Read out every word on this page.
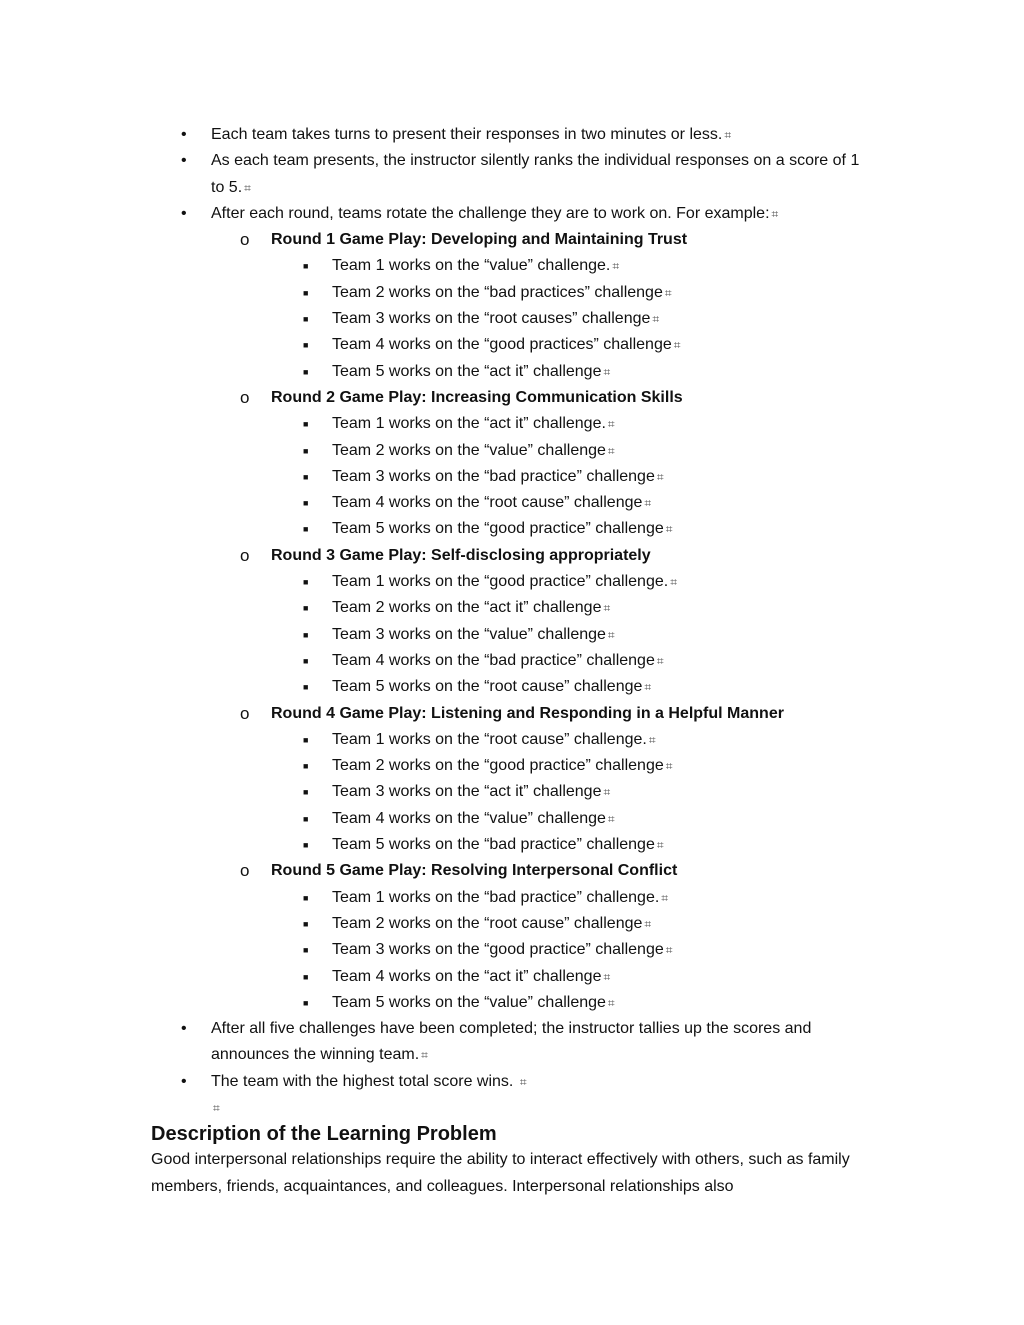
• Each team takes turns to present their responses in two minutes or less. ⌗
• As each team presents, the instructor silently ranks the individual responses on a score of 1 to 5. ⌗
• After each round, teams rotate the challenge they are to work on. For example: ⌗
o Round 1 Game Play: Developing and Maintaining Trust
■ Team 1 works on the “value” challenge. ⌗
■ Team 2 works on the “bad practices” challenge ⌗
■ Team 3 works on the “root causes” challenge ⌗
■ Team 4 works on the “good practices” challenge ⌗
■ Team 5 works on the “act it” challenge ⌗
o Round 2 Game Play: Increasing Communication Skills
■ Team 1 works on the “act it” challenge. ⌗
■ Team 2 works on the “value” challenge ⌗
■ Team 3 works on the “bad practice” challenge ⌗
■ Team 4 works on the “root cause” challenge ⌗
■ Team 5 works on the “good practice” challenge ⌗
o Round 3 Game Play: Self-disclosing appropriately
■ Team 1 works on the “good practice” challenge. ⌗
■ Team 2 works on the “act it” challenge ⌗
■ Team 3 works on the “value” challenge ⌗
■ Team 4 works on the “bad practice” challenge ⌗
■ Team 5 works on the “root cause” challenge ⌗
o Round 4 Game Play: Listening and Responding in a Helpful Manner
■ Team 1 works on the “root cause” challenge. ⌗
■ Team 2 works on the “good practice” challenge ⌗
■ Team 3 works on the “act it” challenge ⌗
■ Team 4 works on the “value” challenge ⌗
■ Team 5 works on the “bad practice” challenge ⌗
o Round 5 Game Play: Resolving Interpersonal Conflict
■ Team 1 works on the “bad practice” challenge. ⌗
■ Team 2 works on the “root cause” challenge ⌗
■ Team 3 works on the “good practice” challenge ⌗
■ Team 4 works on the “act it” challenge ⌗
■ Team 5 works on the “value” challenge ⌗
• After all five challenges have been completed; the instructor tallies up the scores and announces the winning team. ⌗
• The team with the highest total score wins. ⌗
⌗
Description of the Learning Problem

Good interpersonal relationships require the ability to interact effectively with others, such as family members, friends, acquaintances, and colleagues. Interpersonal relationships also
